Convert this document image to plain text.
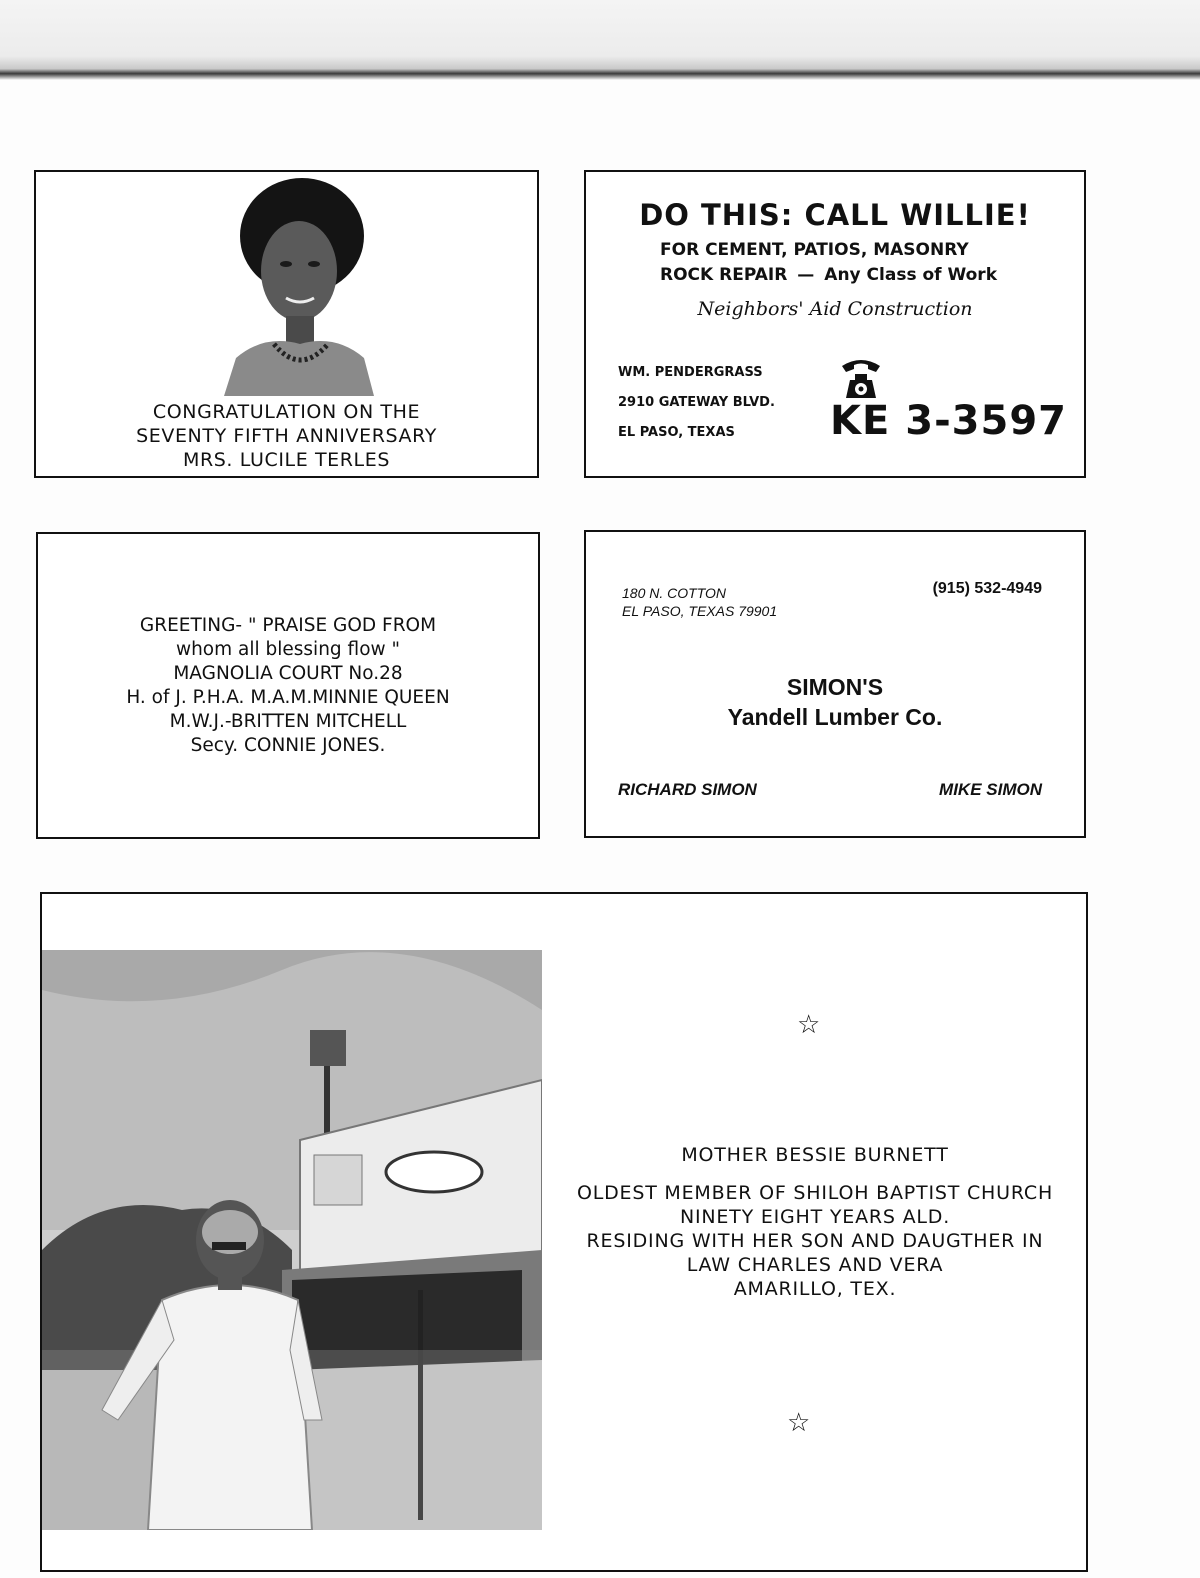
CONGRATULATION ON THE
SEVENTY FIFTH ANNIVERSARY
MRS. LUCILE TERLES
DO THIS: CALL WILLIE!
FOR CEMENT, PATIOS, MASONRY
ROCK REPAIR — Any Class of Work
Neighbors' Aid Construction
WM. PENDERGRASS
2910 GATEWAY BLVD.
EL PASO, TEXAS	KE 3-3597
GREETING- " PRAISE GOD FROM
whom all blessing flow "
MAGNOLIA COURT No.28
H. of J. P.H.A. M.A.M.MINNIE QUEEN
M.W.J.-BRITTEN MITCHELL
Secy. CONNIE JONES.
180 N. COTTON
EL PASO, TEXAS 79901
(915) 532-4949
SIMON'S
Yandell Lumber Co.
RICHARD SIMON	MIKE SIMON
☆
MOTHER BESSIE BURNETT
OLDEST MEMBER OF SHILOH BAPTIST CHURCH
NINETY EIGHT YEARS ALD.
RESIDING WITH HER SON AND DAUGTHER IN
LAW CHARLES AND VERA
AMARILLO, TEX.
☆
